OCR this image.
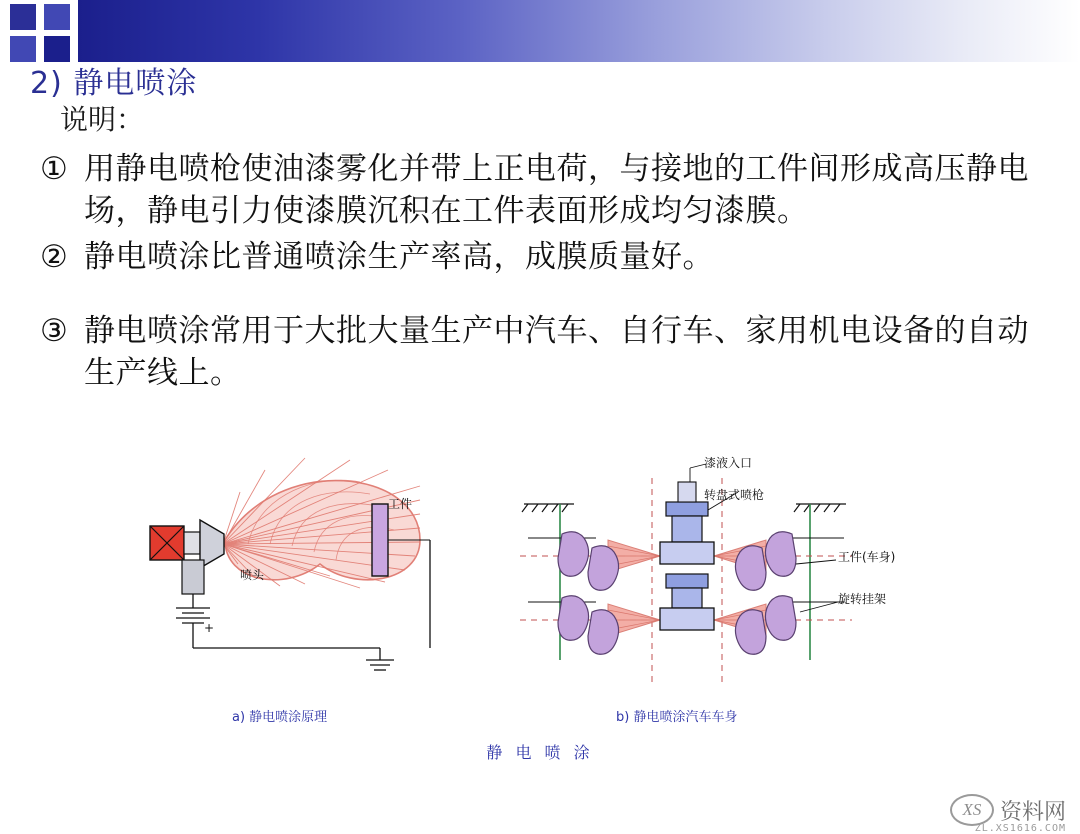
2) 静电喷涂
说明：
① 用静电喷枪使油漆雾化并带上正电荷，与接地的工件间形成高压静电场，静电引力使漆膜沉积在工件表面形成均匀漆膜。
② 静电喷涂比普通喷涂生产率高，成膜质量好。
③ 静电喷涂常用于大批大量生产中汽车、自行车、家用机电设备的自动生产线上。
+
工件
喷头
a) 静电喷涂原理
漆液入口
转盘式喷枪
工件(车身)
旋转挂架
b) 静电喷涂汽车车身
静 电 喷 涂
XS 资料网
ZL.XS1616.COM
